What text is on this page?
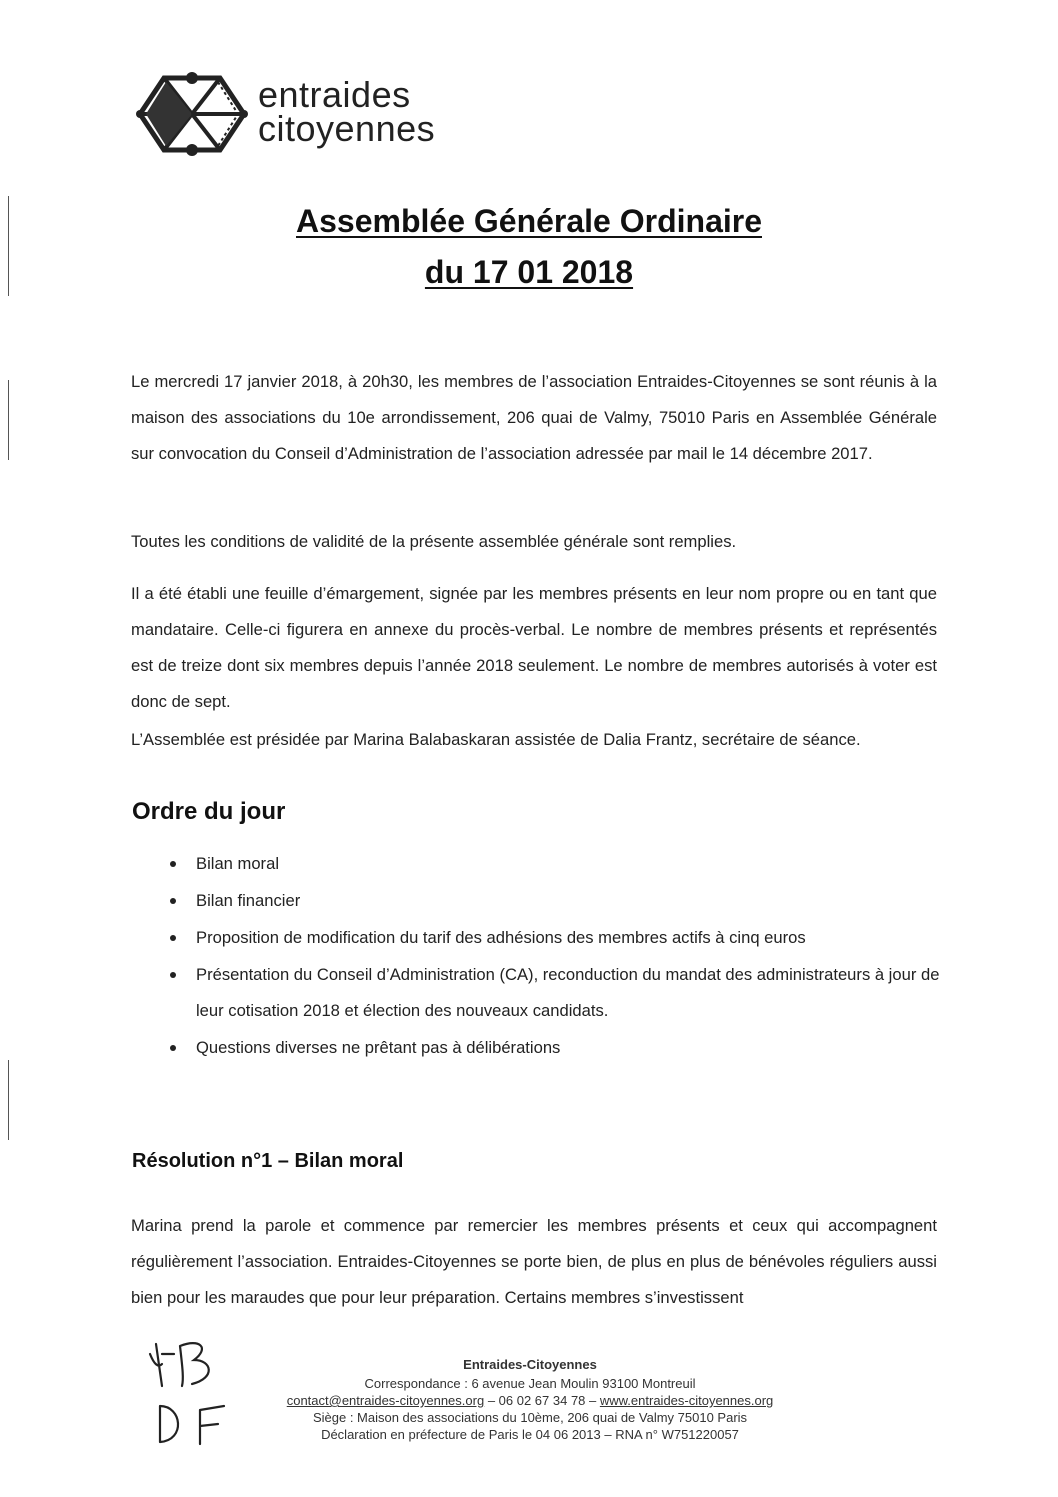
entraides
citoyennes
Assemblée Générale Ordinaire
du 17 01 2018
Le mercredi 17 janvier 2018, à 20h30, les membres de l’association Entraides-Citoyennes se sont réunis à la maison des associations du 10e arrondissement, 206 quai de Valmy, 75010 Paris en Assemblée Générale sur convocation du Conseil d’Administration de l’association adressée par mail le 14 décembre 2017.
Toutes les conditions de validité de la présente assemblée générale sont remplies.
Il a été établi une feuille d’émargement, signée par les membres présents en leur nom propre ou en tant que mandataire. Celle-ci figurera en annexe du procès-verbal. Le nombre de membres présents et représentés est de treize dont six membres depuis l’année 2018 seulement. Le nombre de membres autorisés à voter est donc de sept.
L’Assemblée est présidée par Marina Balabaskaran assistée de Dalia Frantz, secrétaire de séance.
Ordre du jour
Bilan moral
Bilan financier
Proposition de modification du tarif des adhésions des membres actifs à cinq euros
Présentation du Conseil d’Administration (CA), reconduction du mandat des administrateurs à jour de leur cotisation 2018 et élection des nouveaux candidats.
Questions diverses ne prêtant pas à délibérations
Résolution n°1 – Bilan moral
Marina prend la parole et commence par remercier les membres présents et ceux qui accompagnent régulièrement l’association. Entraides-Citoyennes se porte bien, de plus en plus de bénévoles réguliers aussi bien pour les maraudes que pour leur préparation. Certains membres s’investissent
Entraides-Citoyennes
Correspondance : 6 avenue Jean Moulin 93100 Montreuil
contact@entraides-citoyennes.org – 06 02 67 34 78 – www.entraides-citoyennes.org
Siège : Maison des associations du 10ème, 206 quai de Valmy 75010 Paris
Déclaration en préfecture de Paris le 04 06 2013 – RNA n° W751220057
